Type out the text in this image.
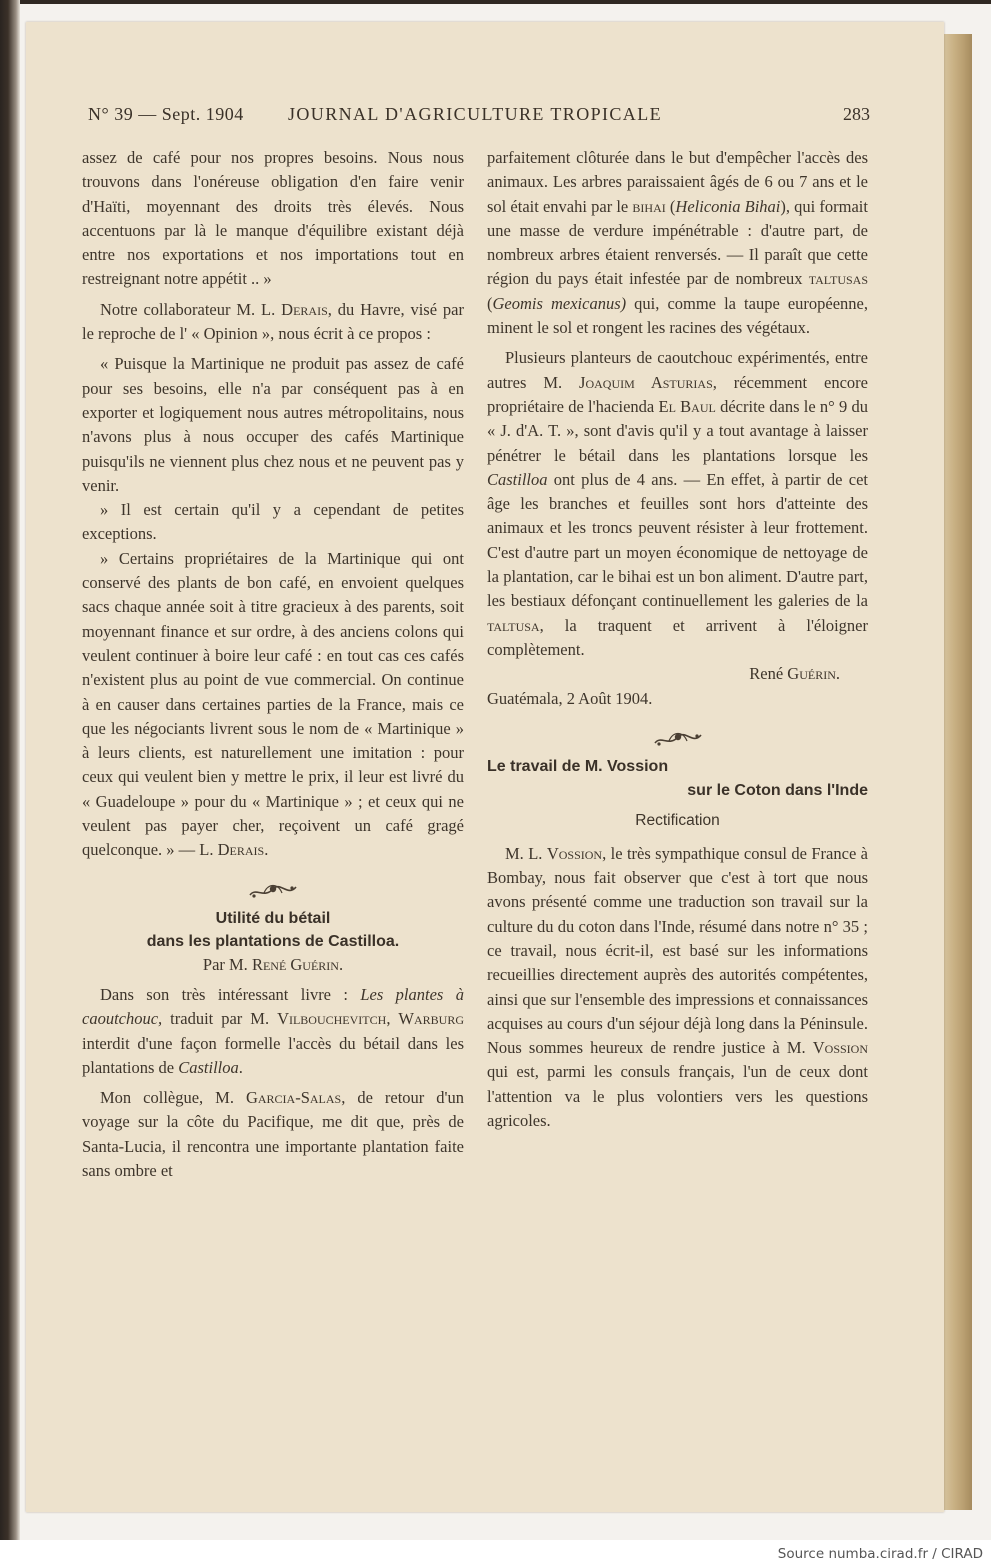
N° 39 — Sept. 1904 JOURNAL D'AGRICULTURE TROPICALE	283

assez de café pour nos propres besoins. Nous nous trouvons dans l'onéreuse obligation d'en faire venir d'Haïti, moyennant des droits très élevés. Nous accentuons par là le manque d'équilibre existant déjà entre nos exportations et nos importations tout en restreignant notre appétit .. »

Notre collaborateur M. L. Derais, du Havre, visé par le reproche de l' « Opinion », nous écrit à ce propos :

« Puisque la Martinique ne produit pas assez de café pour ses besoins, elle n'a par conséquent pas à en exporter et logiquement nous autres métropolitains, nous n'avons plus à nous occuper des cafés Martinique puisqu'ils ne viennent plus chez nous et ne peuvent pas y venir.

» Il est certain qu'il y a cependant de petites exceptions.

» Certains propriétaires de la Martinique qui ont conservé des plants de bon café, en envoient quelques sacs chaque année soit à titre gracieux à des parents, soit moyennant finance et sur ordre, à des anciens colons qui veulent continuer à boire leur café : en tout cas ces cafés n'existent plus au point de vue commercial. On continue à en causer dans certaines parties de la France, mais ce que les négociants livrent sous le nom de « Martinique » à leurs clients, est naturellement une imitation : pour ceux qui veulent bien y mettre le prix, il leur est livré du « Guadeloupe » pour du « Martinique » ; et ceux qui ne veulent pas payer cher, reçoivent un café gragé quelconque. » — L. Derais.

Utilité du bétail
dans les plantations de Castilloa.

Par M. René Guérin.

Dans son très intéressant livre : Les plantes à caoutchouc, traduit par M. Vilbouchevitch, Warburg interdit d'une façon formelle l'accès du bétail dans les plantations de Castilloa.

Mon collègue, M. Garcia-Salas, de retour d'un voyage sur la côte du Pacifique, me dit que, près de Santa-Lucia, il rencontra une importante plantation faite sans ombre et

parfaitement clôturée dans le but d'empêcher l'accès des animaux. Les arbres paraissaient âgés de 6 ou 7 ans et le sol était envahi par le bihai (Heliconia Bihai), qui formait une masse de verdure impénétrable : d'autre part, de nombreux arbres étaient renversés. — Il paraît que cette région du pays était infestée par de nombreux taltusas (Geomis mexicanus) qui, comme la taupe européenne, minent le sol et rongent les racines des végétaux.

Plusieurs planteurs de caoutchouc expérimentés, entre autres M. Joaquim Asturias, récemment encore propriétaire de l'hacienda El Baul décrite dans le n° 9 du « J. d'A. T. », sont d'avis qu'il y a tout avantage à laisser pénétrer le bétail dans les plantations lorsque les Castilloa ont plus de 4 ans. — En effet, à partir de cet âge les branches et feuilles sont hors d'atteinte des animaux et les troncs peuvent résister à leur frottement. C'est d'autre part un moyen économique de nettoyage de la plantation, car le bihai est un bon aliment. D'autre part, les bestiaux défonçant continuellement les galeries de la taltusa, la traquent et arrivent à l'éloigner complètement.

René Guérin.

Guatémala, 2 Août 1904.

Le travail de M. Vossion
sur le Coton dans l'Inde
Rectification

M. L. Vossion, le très sympathique consul de France à Bombay, nous fait observer que c'est à tort que nous avons présenté comme une traduction son travail sur la culture du du coton dans l'Inde, résumé dans notre n° 35 ; ce travail, nous écrit-il, est basé sur les informations recueillies directement auprès des autorités compétentes, ainsi que sur l'ensemble des impressions et connaissances acquises au cours d'un séjour déjà long dans la Péninsule. Nous sommes heureux de rendre justice à M. Vossion qui est, parmi les consuls français, l'un de ceux dont l'attention va le plus volontiers vers les questions agricoles.

Source numba.cirad.fr / CIRAD
